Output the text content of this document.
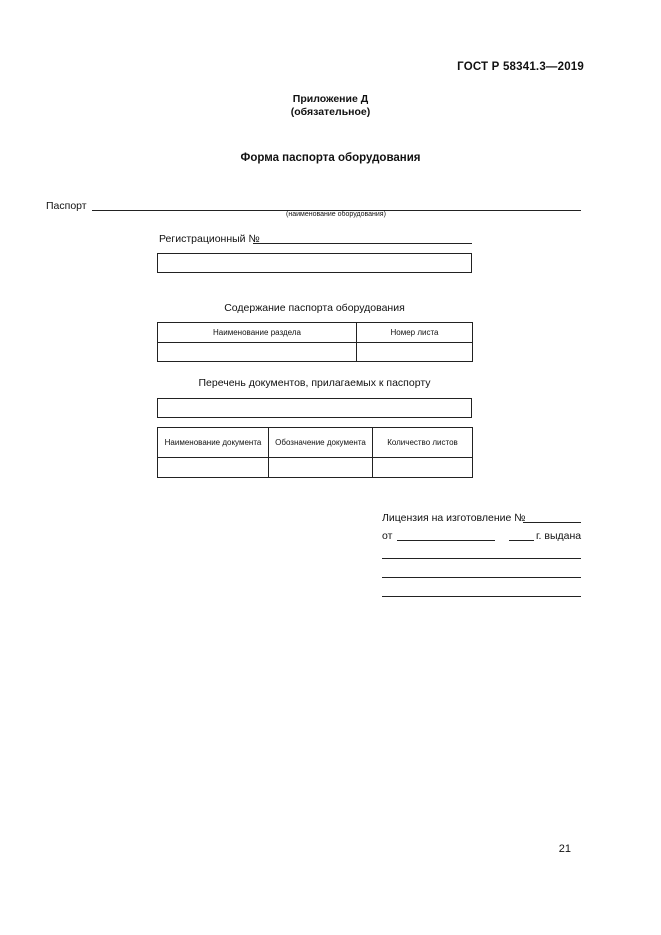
ГОСТ Р 58341.3—2019
Приложение Д
(обязательное)
Форма паспорта оборудования
Паспорт
(наименование оборудования)
Регистрационный №
Содержание паспорта оборудования
Наименование раздела	Номер листа

Перечень документов, прилагаемых к паспорту
Наименование документа	Обозначение документа	Количество листов

Лицензия на изготовление №
от	г. выдана
21
